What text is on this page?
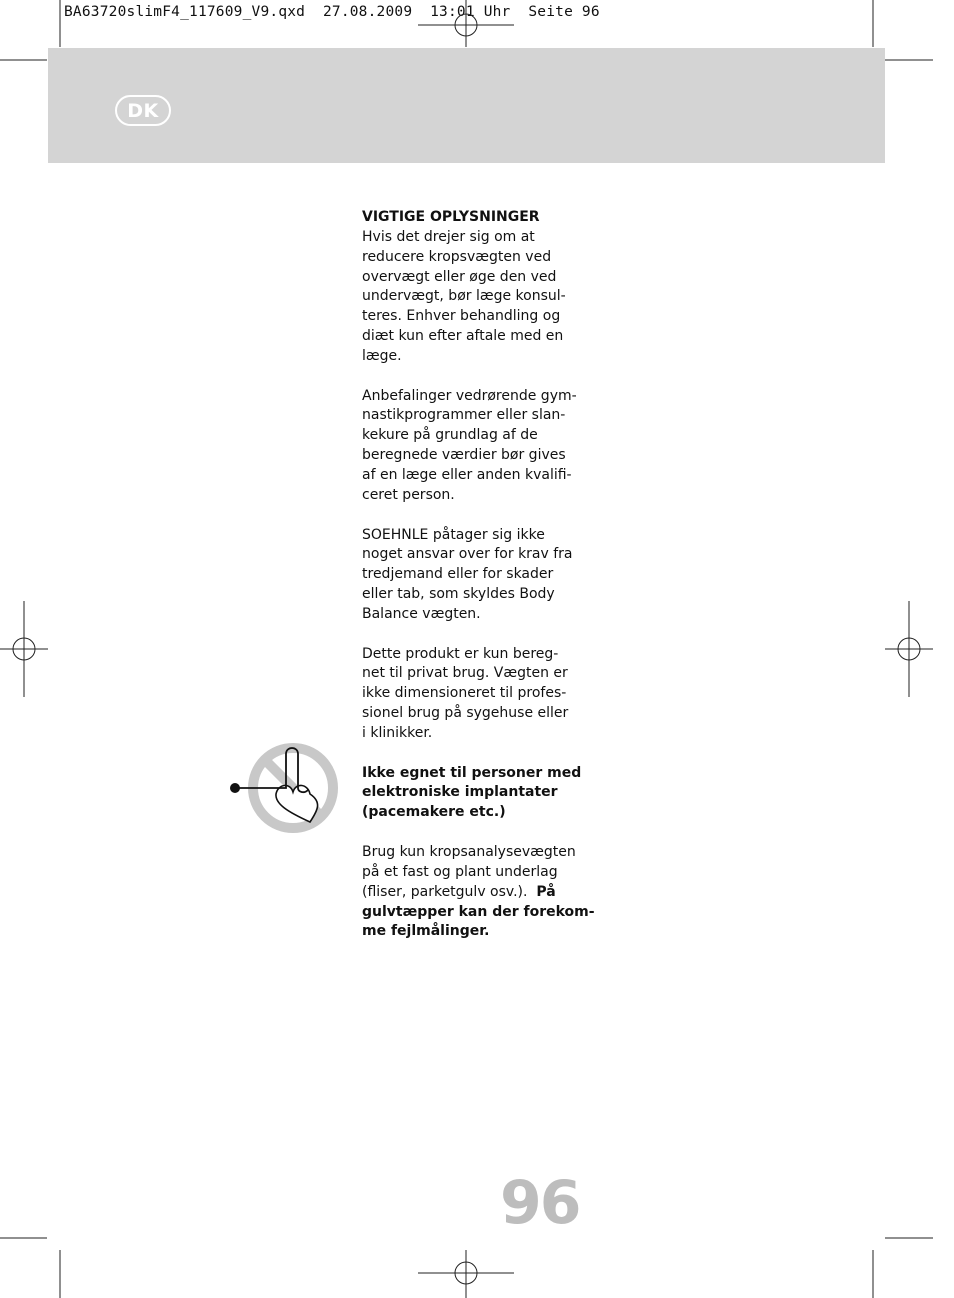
BA63720slimF4_117609_V9.qxd  27.08.2009  13:01 Uhr  Seite 96
DK

VIGTIGE OPLYSNINGER
Hvis det drejer sig om at
reducere kropsvægten ved
overvægt eller øge den ved
undervægt, bør læge konsul-
teres. Enhver behandling og
diæt kun efter aftale med en
læge.

Anbefalinger vedrørende gym-
nastikprogrammer eller slan-
kekure på grundlag af de
beregnede værdier bør gives
af en læge eller anden kvalifi-
ceret person.

SOEHNLE påtager sig ikke
noget ansvar over for krav fra
tredjemand eller for skader
eller tab, som skyldes Body
Balance vægten.

Dette produkt er kun bereg-
net til privat brug. Vægten er
ikke dimensioneret til profes-
sionel brug på sygehuse eller
i klinikker.

Ikke egnet til personer med
elektroniske implantater
(pacemakere etc.)

Brug kun kropsanalysevægten
på et fast og plant underlag
(fliser, parketgulv osv.). På
gulvtæpper kan der forekom-
me fejlmålinger.

96
